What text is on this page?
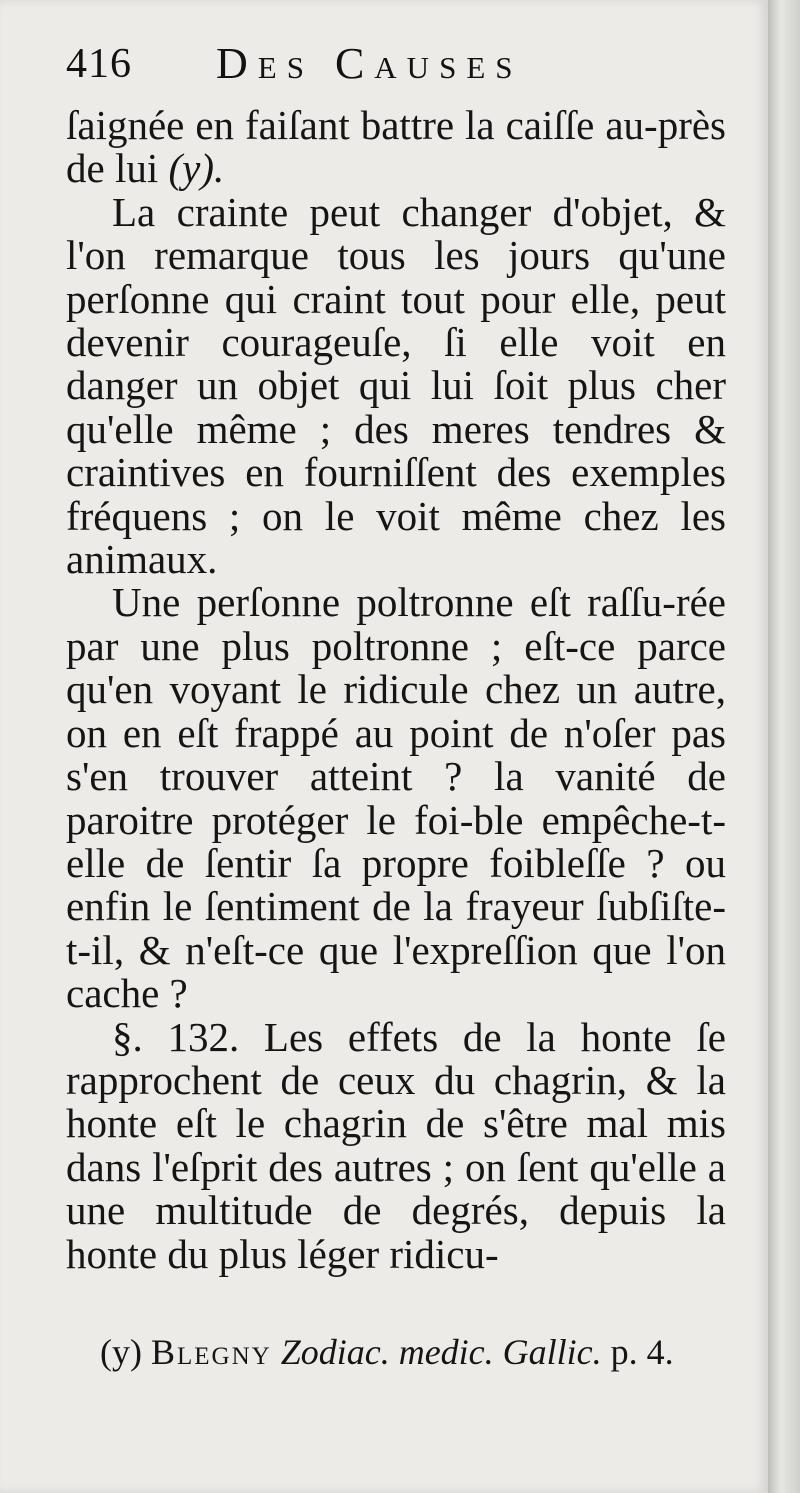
416 Des Causes

ſaignée en faiſant battre la caiſſe au-près de lui (y).

La crainte peut changer d'objet, & l'on remarque tous les jours qu'une perſonne qui craint tout pour elle, peut devenir courageuſe, ſi elle voit en danger un objet qui lui ſoit plus cher qu'elle même ; des meres tendres & craintives en fourniſſent des exemples fréquens ; on le voit même chez les animaux.

Une perſonne poltronne eſt raſſu-rée par une plus poltronne ; eſt-ce parce qu'en voyant le ridicule chez un autre, on en eſt frappé au point de n'oſer pas s'en trouver atteint ? la vanité de paroitre protéger le foi-ble empêche-t-elle de ſentir ſa propre foibleſſe ? ou enfin le ſentiment de la frayeur ſubſiſte-t-il, & n'eſt-ce que l'expreſſion que l'on cache ?

§. 132. Les effets de la honte ſe rapprochent de ceux du chagrin, & la honte eſt le chagrin de s'être mal mis dans l'eſprit des autres ; on ſent qu'elle a une multitude de degrés, depuis la honte du plus léger ridicu-

(y) Blegny Zodiac. medic. Gallic. p. 4.
